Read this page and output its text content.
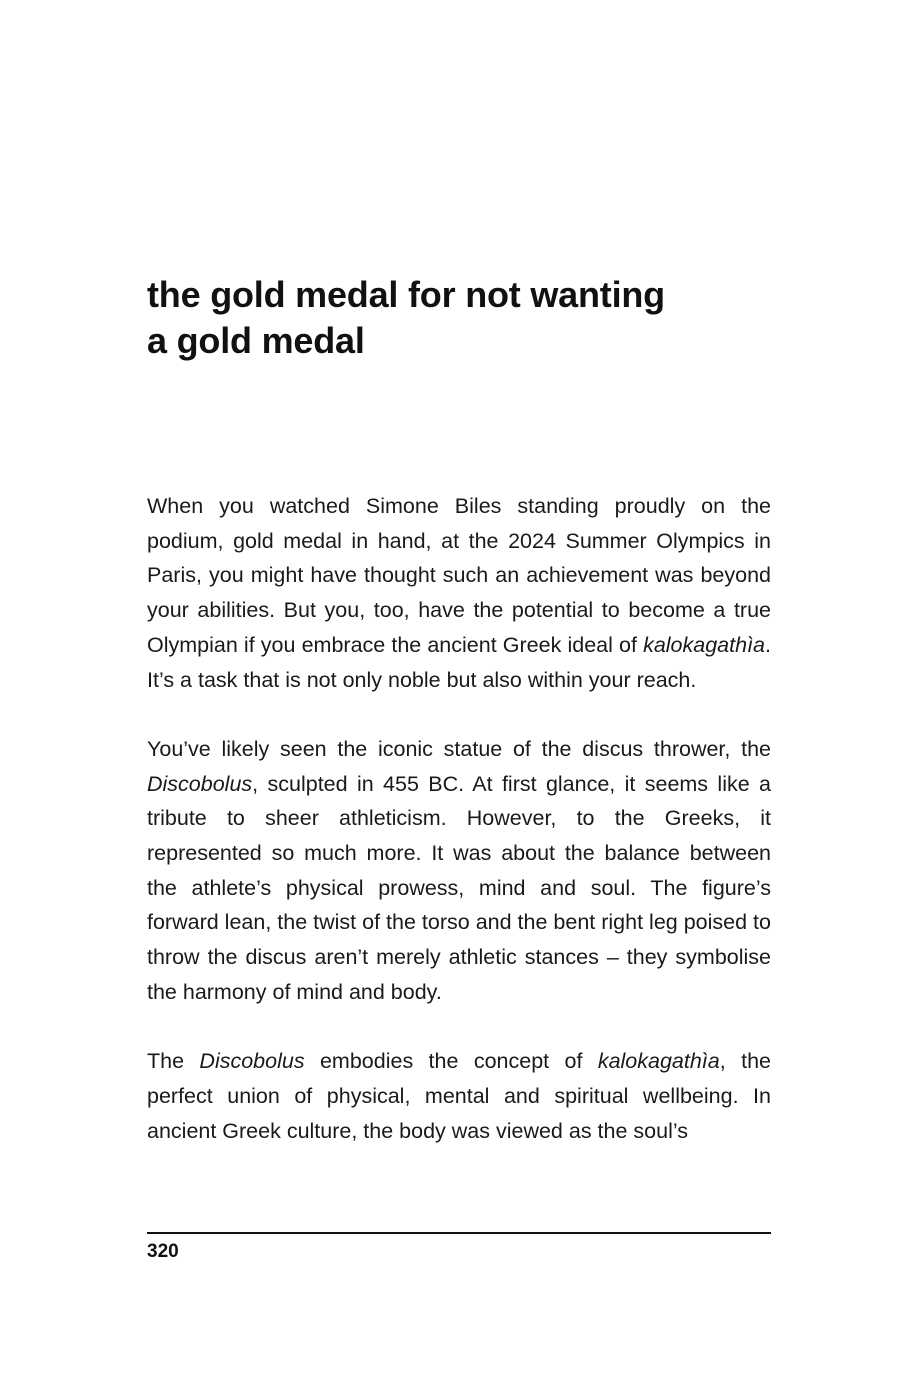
the gold medal for not wanting
a gold medal

When you watched Simone Biles standing proudly on the podium, gold medal in hand, at the 2024 Summer Olympics in Paris, you might have thought such an achievement was beyond your abilities. But you, too, have the potential to become a true Olympian if you embrace the ancient Greek ideal of kalokagathìa. It’s a task that is not only noble but also within your reach.

You’ve likely seen the iconic statue of the discus thrower, the Discobolus, sculpted in 455 BC. At first glance, it seems like a tribute to sheer athleticism. However, to the Greeks, it represented so much more. It was about the balance between the athlete’s physical prowess, mind and soul. The figure’s forward lean, the twist of the torso and the bent right leg poised to throw the discus aren’t merely athletic stances – they symbolise the harmony of mind and body.

The Discobolus embodies the concept of kalokagathìa, the perfect union of physical, mental and spiritual wellbeing. In ancient Greek culture, the body was viewed as the soul’s

320
